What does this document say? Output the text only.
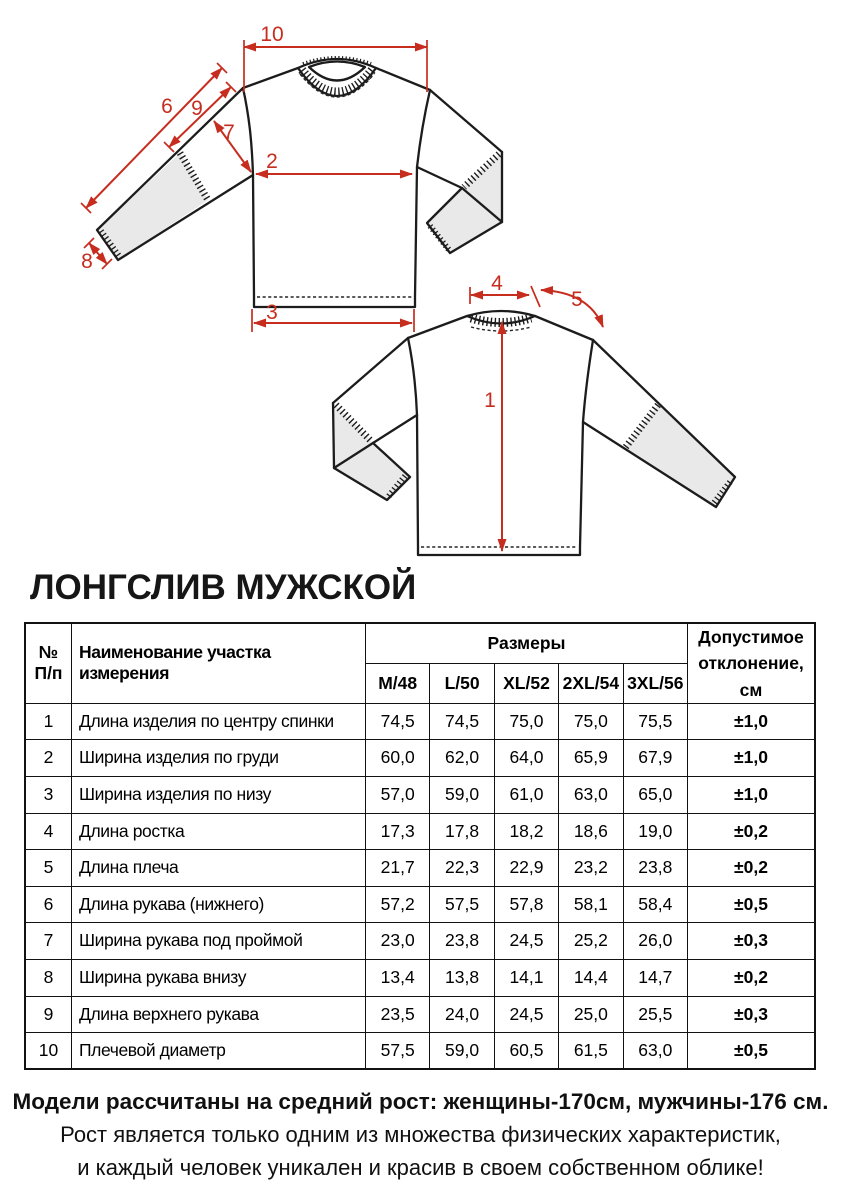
10
6 9
7
2
8
3
4
5
1
ЛОНГСЛИВ МУЖСКОЙ
№
П/п	Наименование участка измерения	Размеры					Допустимое отклонение, см
		M/48	L/50	XL/52	2XL/54	3XL/56	
1	Длина изделия по центру спинки	74,5	74,5	75,0	75,0	75,5	±1,0
2	Ширина изделия по груди	60,0	62,0	64,0	65,9	67,9	±1,0
3	Ширина изделия по низу	57,0	59,0	61,0	63,0	65,0	±1,0
4	Длина ростка	17,3	17,8	18,2	18,6	19,0	±0,2
5	Длина плеча	21,7	22,3	22,9	23,2	23,8	±0,2
6	Длина рукава (нижнего)	57,2	57,5	57,8	58,1	58,4	±0,5
7	Ширина рукава под проймой	23,0	23,8	24,5	25,2	26,0	±0,3
8	Ширина рукава внизу	13,4	13,8	14,1	14,4	14,7	±0,2
9	Длина верхнего рукава	23,5	24,0	24,5	25,0	25,5	±0,3
10	Плечевой диаметр	57,5	59,0	60,5	61,5	63,0	±0,5
Модели рассчитаны на средний рост: женщины-170см, мужчины-176 см.
Рост является только одним из множества физических характеристик,
и каждый человек уникален и красив в своем собственном облике!
